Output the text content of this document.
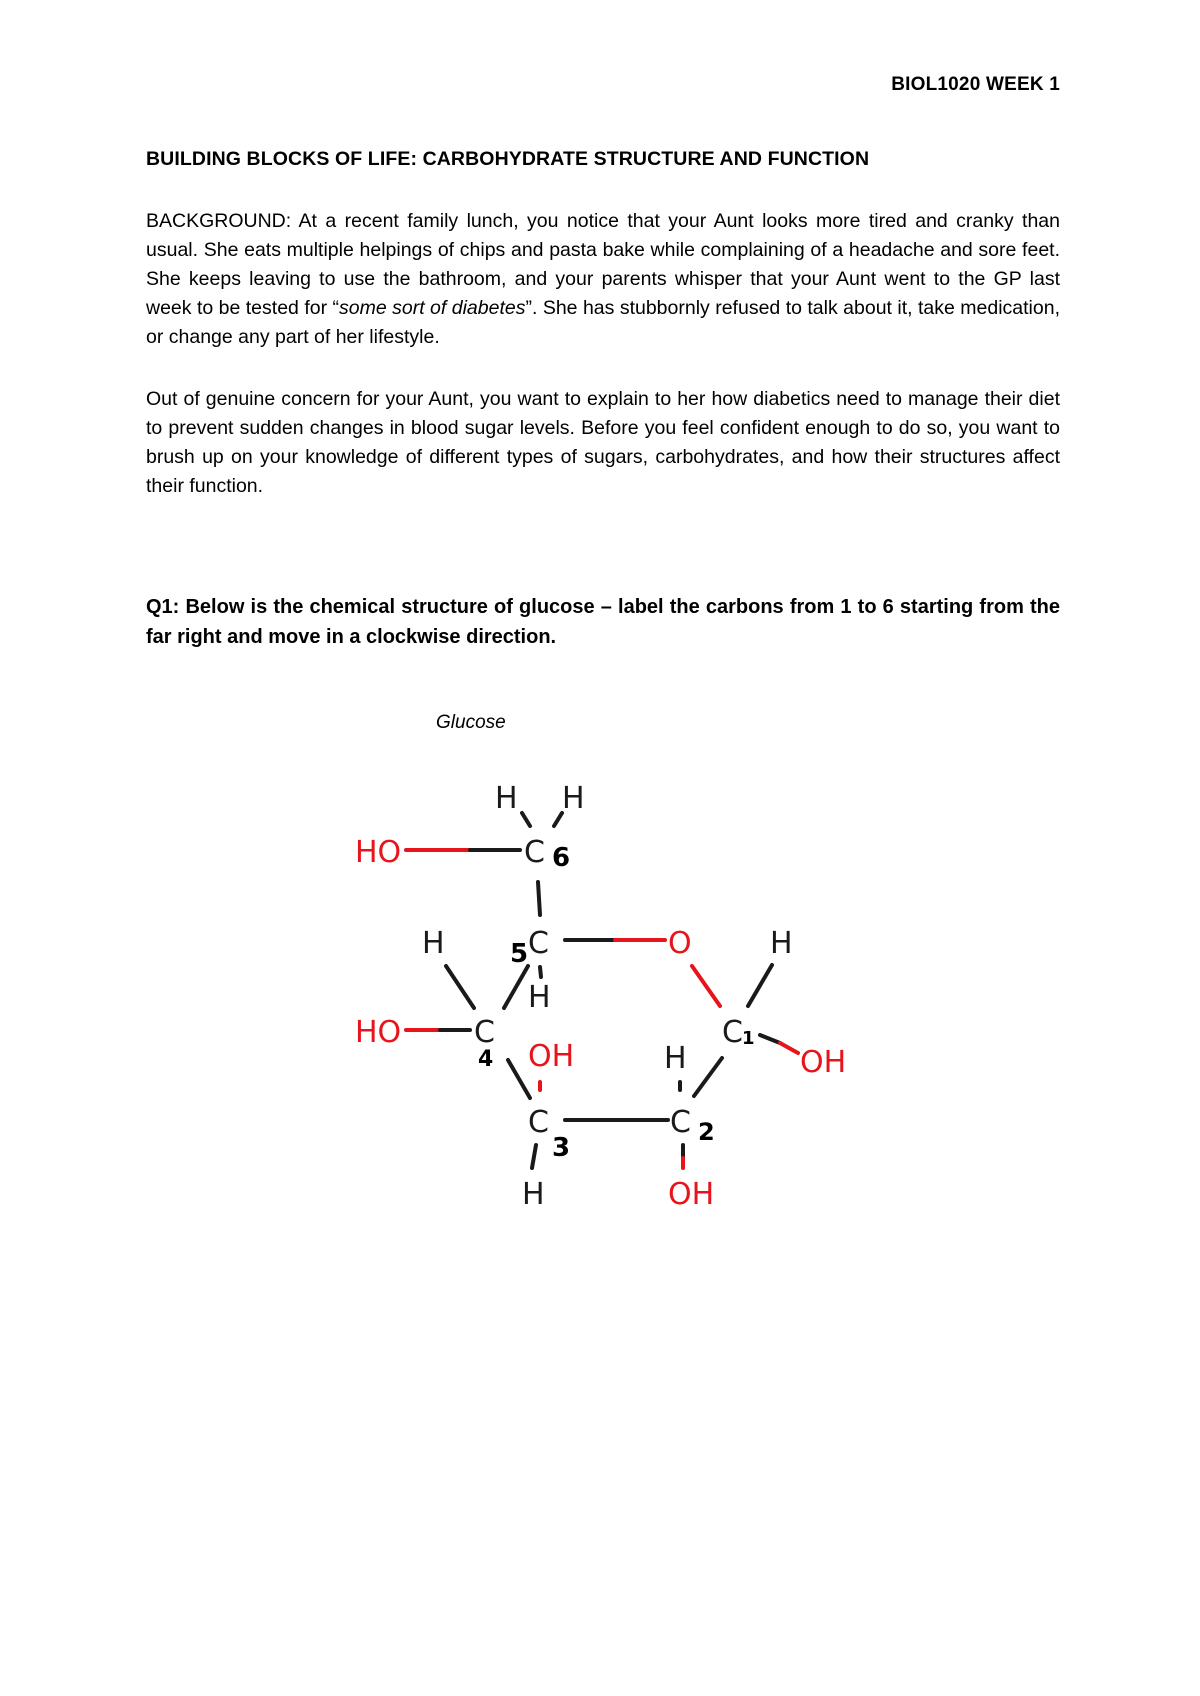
BIOL1020 WEEK 1
BUILDING BLOCKS OF LIFE: CARBOHYDRATE STRUCTURE AND FUNCTION
BACKGROUND: At a recent family lunch, you notice that your Aunt looks more tired and cranky than usual. She eats multiple helpings of chips and pasta bake while complaining of a headache and sore feet. She keeps leaving to use the bathroom, and your parents whisper that your Aunt went to the GP last week to be tested for “some sort of diabetes”. She has stubbornly refused to talk about it, take medication, or change any part of her lifestyle.
Out of genuine concern for your Aunt, you want to explain to her how diabetics need to manage their diet to prevent sudden changes in blood sugar levels. Before you feel confident enough to do so, you want to brush up on your knowledge of different types of sugars, carbohydrates, and how their structures affect their function.
Q1: Below is the chemical structure of glucose – label the carbons from 1 to 6 starting from the far right and move in a clockwise direction.
Glucose
H H
HO	C
H	C	O	H
H
HO C	C
OH
OH	H
C	C
H	OH
6
5
4
3
2
1
